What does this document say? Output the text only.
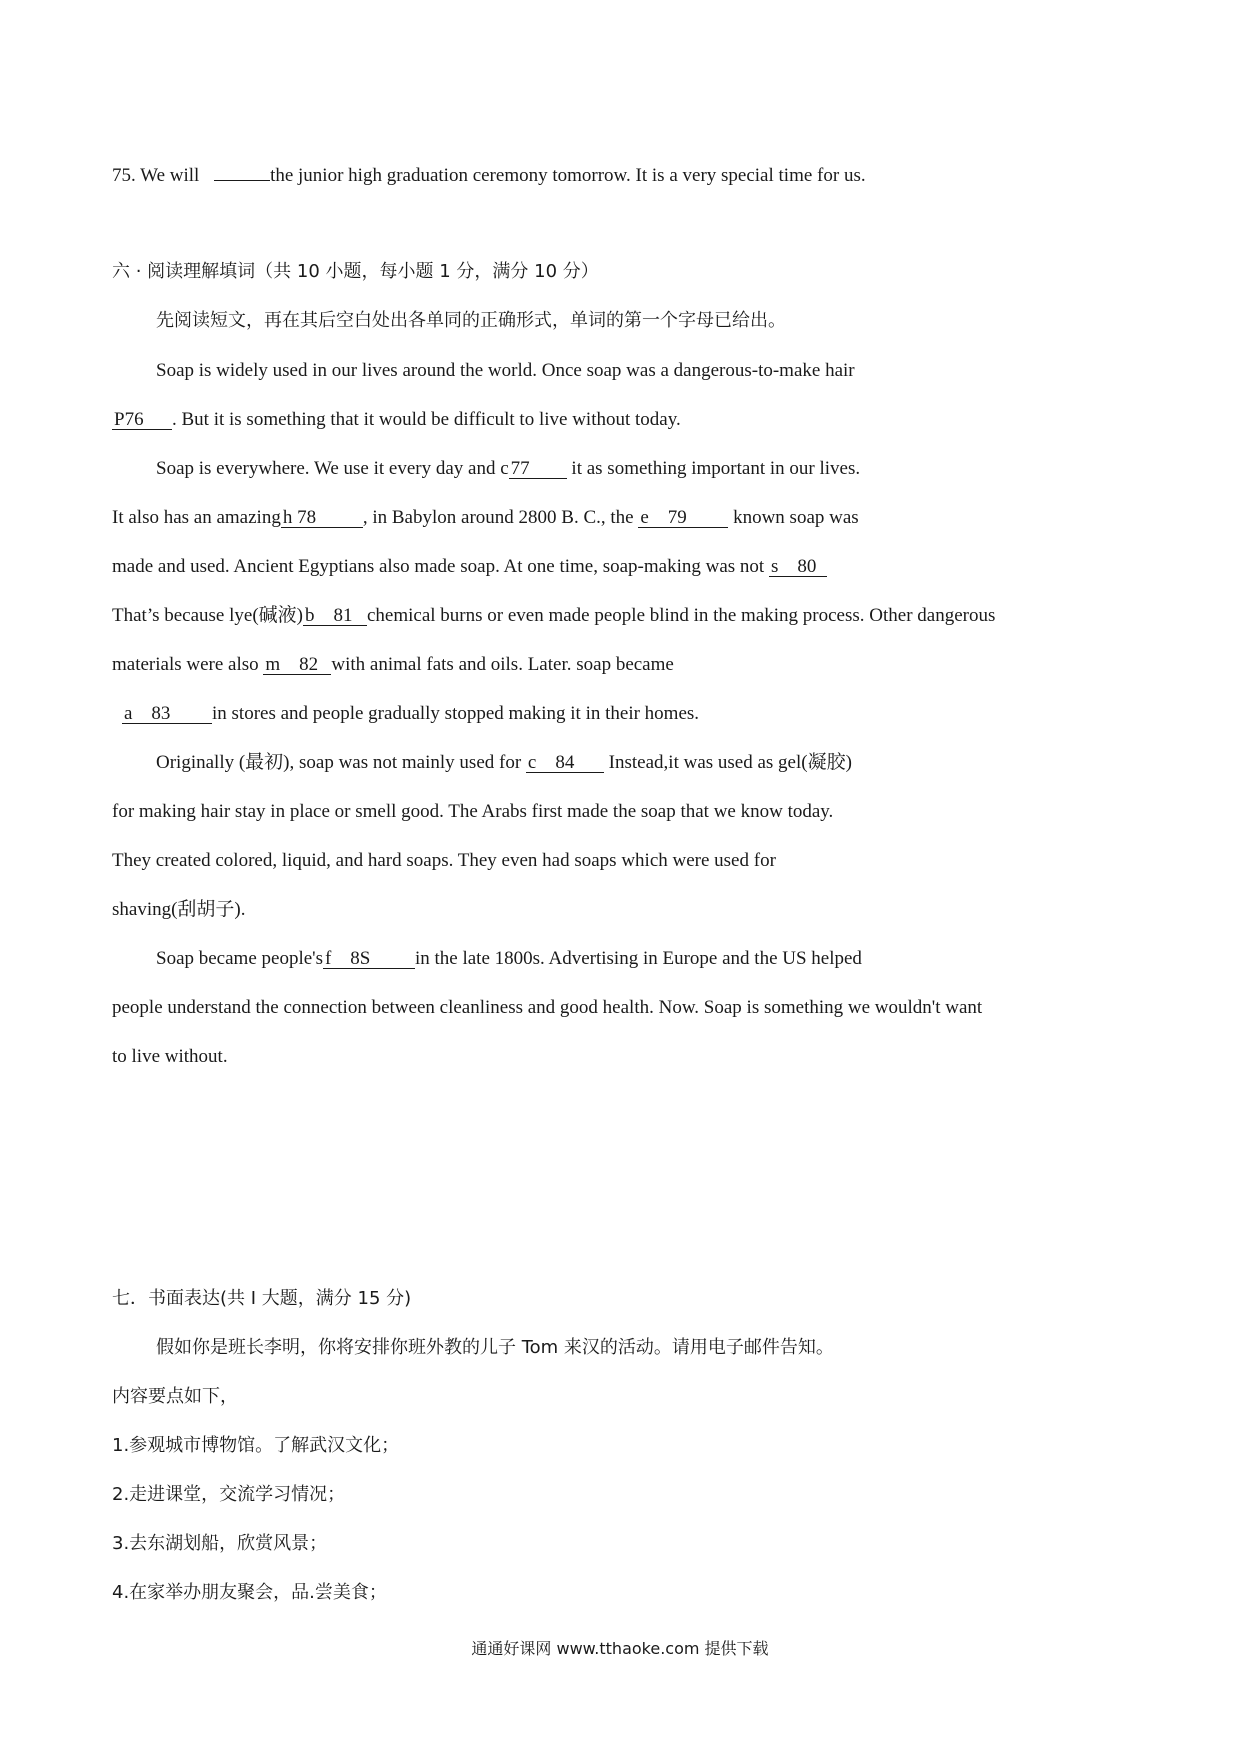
75. We will	the junior high graduation ceremony tomorrow. It is a very special time for us.
六 · 阅读理解填词（共 10 小题，每小题 1 分，满分 10 分）
先阅读短文，再在其后空白处出各单同的正确形式，单词的第一个字母已给出。
Soap is widely used in our lives around the world. Once soap was a dangerous-to-make hair
P76 . But it is something that it would be difficult to live without today.
Soap is everywhere. We use it every day and c 77 it as something important in our lives.
It also has an amazing h 78 , in Babylon around 2800 B. C., the e    79 known soap was
made and used. Ancient Egyptians also made soap. At one time, soap-making was not s    80
That’s because lye(碱液) b    81 chemical burns or even made people blind in the making process. Other dangerous
materials were also m    82 with animal fats and oils. Later. soap became
a    83 in stores and people gradually stopped making it in their homes.
Originally (最初), soap was not mainly used for c    84 Instead,it was used as gel(凝胶)
for making hair stay in place or smell good. The Arabs first made the soap that we know today.
They created colored, liquid, and hard soaps. They even had soaps which were used for
shaving(刮胡子).
Soap became people's f    8S in the late 1800s. Advertising in Europe and the US helped
people understand the connection between cleanliness and good health. Now. Soap is something we wouldn't want
to live without.
七．书面表达(共 I 大题，满分 15 分)
假如你是班长李明，你将安排你班外教的儿子 Tom 来汉的活动。请用电子邮件告知。
内容要点如下，
1.参观城市博物馆。了解武汉文化；
2.走进课堂，交流学习情况；
3.去东湖划船，欣赏风景；
4.在家举办朋友聚会，品.尝美食；
通通好课网 www.tthaoke.com 提供下载
